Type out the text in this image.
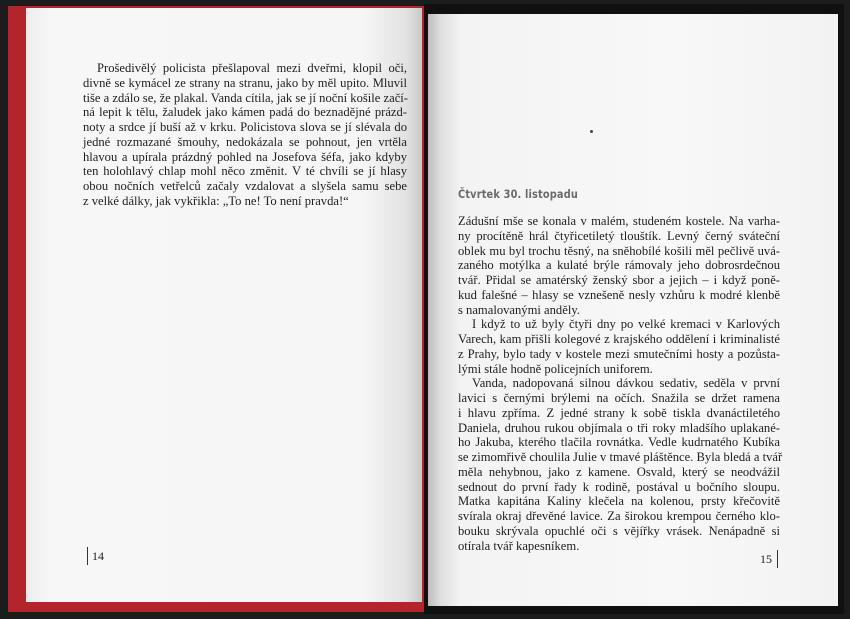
Prošedivělý policista přešlapoval mezi dveřmi, klopil oči,
divně se kymácel ze strany na stranu, jako by měl upito. Mluvil
tiše a zdálo se, že plakal. Vanda cítila, jak se jí noční košile začí-
ná lepit k tělu, žaludek jako kámen padá do beznadějné prázd-
noty a srdce jí buší až v krku. Policistova slova se jí slévala do
jedné rozmazané šmouhy, nedokázala se pohnout, jen vrtěla
hlavou a upírala prázdný pohled na Josefova šéfa, jako kdyby
ten holohlavý chlap mohl něco změnit. V té chvíli se jí hlasy
obou nočních vetřelců začaly vzdalovat a slyšela samu sebe
z velké dálky, jak vykřikla: „To ne! To není pravda!“
14
Čtvrtek 30. listopadu
Zádušní mše se konala v malém, studeném kostele. Na varha-
ny procítěně hrál čtyřicetiletý tlouštík. Levný černý sváteční
oblek mu byl trochu těsný, na sněhobílé košili měl pečlivě uvá-
zaného motýlka a kulaté brýle rámovaly jeho dobrosrdečnou
tvář. Přidal se amatérský ženský sbor a jejich – i když poně-
kud falešné – hlasy se vznešeně nesly vzhůru k modré klenbě
s namalovanými anděly.
I když to už byly čtyři dny po velké kremaci v Karlových
Varech, kam přišli kolegové z krajského oddělení i kriminalisté
z Prahy, bylo tady v kostele mezi smutečními hosty a pozůsta-
lými stále hodně policejních uniforem.
Vanda, nadopovaná silnou dávkou sedativ, seděla v první
lavici s černými brýlemi na očích. Snažila se držet ramena
i hlavu zpříma. Z jedné strany k sobě tiskla dvanáctiletého
Daniela, druhou rukou objímala o tři roky mladšího uplakané-
ho Jakuba, kterého tlačila rovnátka. Vedle kudrnatého Kubíka
se zimomřivě choulila Julie v tmavé pláštěnce. Byla bledá a tvář
měla nehybnou, jako z kamene. Osvald, který se neodvážil
sednout do první řady k rodině, postával u bočního sloupu.
Matka kapitána Kaliny klečela na kolenou, prsty křečovitě
svírala okraj dřevěné lavice. Za širokou krempou černého klo-
bouku skrývala opuchlé oči s vějířky vrásek. Nenápadně si
otírala tvář kapesníkem.
15
